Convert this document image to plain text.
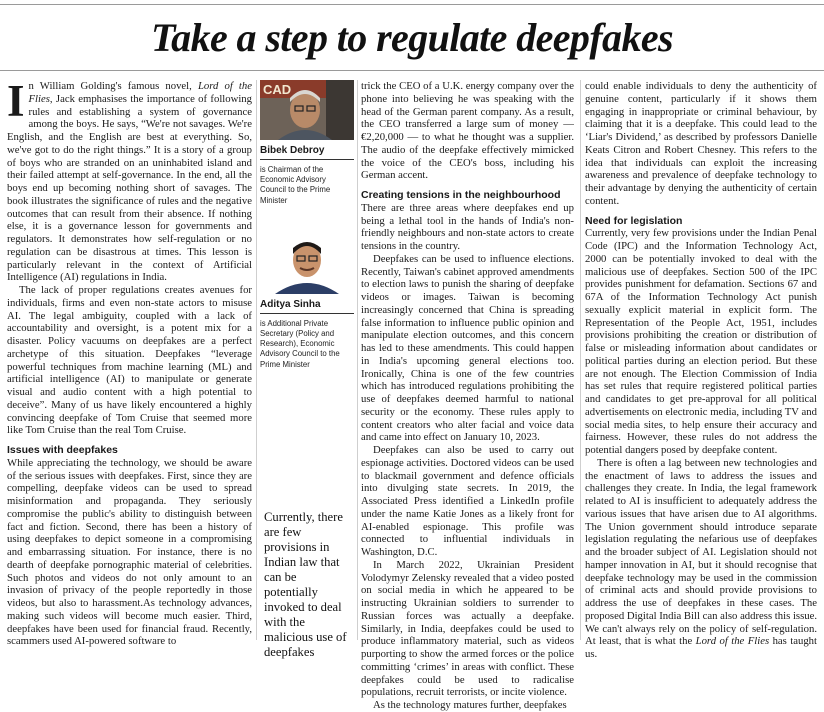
Take a step to regulate deepfakes

In William Golding's famous novel, Lord of the Flies, Jack emphasises the importance of following rules and establishing a system of governance among the boys. He says, “We're not savages. We're English, and the English are best at everything. So, we've got to do the right things.” It is a story of a group of boys who are stranded on an uninhabited island and their failed attempt at self-governance. In the end, all the boys end up becoming nothing short of savages. The book illustrates the significance of rules and the negative outcomes that can result from their absence. If nothing else, it is a governance lesson for governments and regulators. It demonstrates how self-regulation or no regulation can be disastrous at times. This lesson is particularly relevant in the context of Artificial Intelligence (AI) regulations in India.

The lack of proper regulations creates avenues for individuals, firms and even non-state actors to misuse AI. The legal ambiguity, coupled with a lack of accountability and oversight, is a potent mix for a disaster. Policy vacuums on deepfakes are a perfect archetype of this situation. Deepfakes “leverage powerful techniques from machine learning (ML) and artificial intelligence (AI) to manipulate or generate visual and audio content with a high potential to deceive”. Many of us have likely encountered a highly convincing deepfake of Tom Cruise that seemed more like Tom Cruise than the real Tom Cruise.

Issues with deepfakes

While appreciating the technology, we should be aware of the serious issues with deepfakes. First, since they are compelling, deepfake videos can be used to spread misinformation and propaganda. They seriously compromise the public's ability to distinguish between fact and fiction. Second, there has been a history of using deepfakes to depict someone in a compromising and embarrassing situation. For instance, there is no dearth of deepfake pornographic material of celebrities. Such photos and videos do not only amount to an invasion of privacy of the people reportedly in those videos, but also to harassment.As technology advances, making such videos will become much easier. Third, deepfakes have been used for financial fraud. Recently, scammers used AI-powered software to

CAD
Bibek Debroy
is Chairman of the Economic Advisory Council to the Prime Minister
Aditya Sinha
is Additional Private Secretary (Policy and Research), Economic Advisory Council to the Prime Minister
Currently, there are few provisions in Indian law that can be potentially invoked to deal with the malicious use of deepfakes

trick the CEO of a U.K. energy company over the phone into believing he was speaking with the head of the German parent company. As a result, the CEO transferred a large sum of money — €2,20,000 — to what he thought was a supplier. The audio of the deepfake effectively mimicked the voice of the CEO's boss, including his German accent.

Creating tensions in the neighbourhood

There are three areas where deepfakes end up being a lethal tool in the hands of India's non-friendly neighbours and non-state actors to create tensions in the country.

Deepfakes can be used to influence elections. Recently, Taiwan's cabinet approved amendments to election laws to punish the sharing of deepfake videos or images. Taiwan is becoming increasingly concerned that China is spreading false information to influence public opinion and manipulate election outcomes, and this concern has led to these amendments. This could happen in India's upcoming general elections too. Ironically, China is one of the few countries which has introduced regulations prohibiting the use of deepfakes deemed harmful to national security or the economy. These rules apply to content creators who alter facial and voice data and came into effect on January 10, 2023.

Deepfakes can also be used to carry out espionage activities. Doctored videos can be used to blackmail government and defence officials into divulging state secrets. In 2019, the Associated Press identified a LinkedIn profile under the name Katie Jones as a likely front for AI-enabled espionage. This profile was connected to influential individuals in Washington, D.C.

In March 2022, Ukrainian President Volodymyr Zelensky revealed that a video posted on social media in which he appeared to be instructing Ukrainian soldiers to surrender to Russian forces was actually a deepfake. Similarly, in India, deepfakes could be used to produce inflammatory material, such as videos purporting to show the armed forces or the police committing ‘crimes’ in areas with conflict. These deepfakes could be used to radicalise populations, recruit terrorists, or incite violence.

As the technology matures further, deepfakes

could enable individuals to deny the authenticity of genuine content, particularly if it shows them engaging in inappropriate or criminal behaviour, by claiming that it is a deepfake. This could lead to the ‘Liar's Dividend,’ as described by professors Danielle Keats Citron and Robert Chesney. This refers to the idea that individuals can exploit the increasing awareness and prevalence of deepfake technology to their advantage by denying the authenticity of certain content.

Need for legislation

Currently, very few provisions under the Indian Penal Code (IPC) and the Information Technology Act, 2000 can be potentially invoked to deal with the malicious use of deepfakes. Section 500 of the IPC provides punishment for defamation. Sections 67 and 67A of the Information Technology Act punish sexually explicit material in explicit form. The Representation of the People Act, 1951, includes provisions prohibiting the creation or distribution of false or misleading information about candidates or political parties during an election period. But these are not enough. The Election Commission of India has set rules that require registered political parties and candidates to get pre-approval for all political advertisements on electronic media, including TV and social media sites, to help ensure their accuracy and fairness. However, these rules do not address the potential dangers posed by deepfake content.

There is often a lag between new technologies and the enactment of laws to address the issues and challenges they create. In India, the legal framework related to AI is insufficient to adequately address the various issues that have arisen due to AI algorithms. The Union government should introduce separate legislation regulating the nefarious use of deepfakes and the broader subject of AI. Legislation should not hamper innovation in AI, but it should recognise that deepfake technology may be used in the commission of criminal acts and should provide provisions to address the use of deepfakes in these cases. The proposed Digital India Bill can also address this issue. We can't always rely on the policy of self-regulation. At least, that is what the Lord of the Flies has taught us.
